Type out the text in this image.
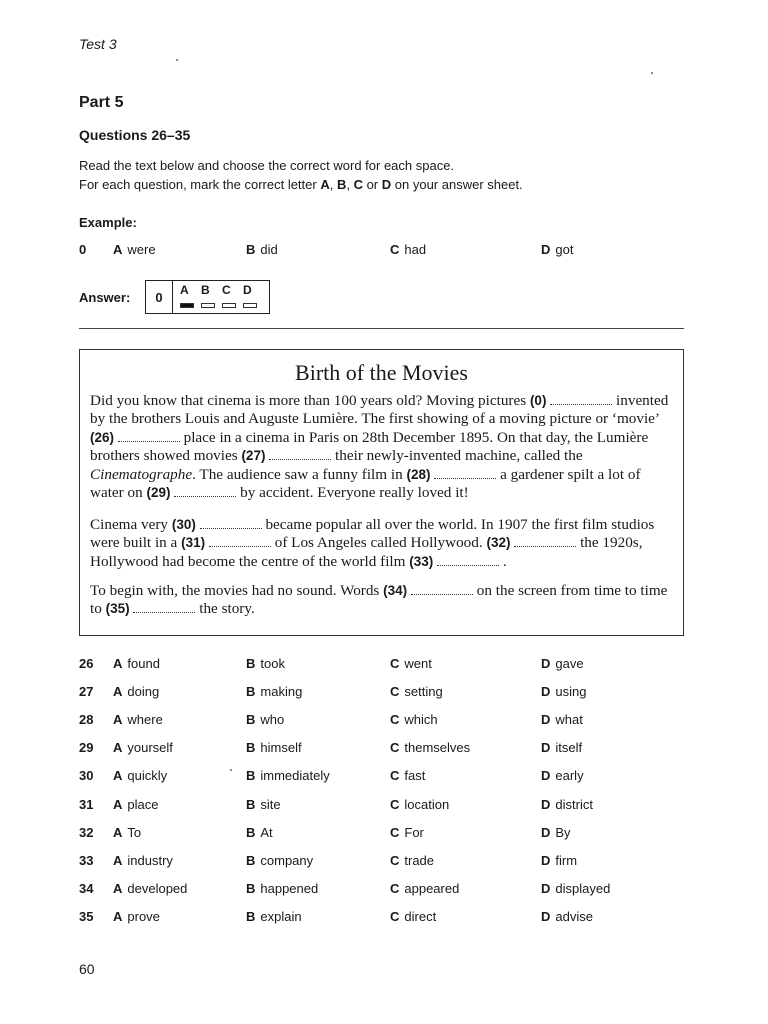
Test 3
Part 5
Questions 26–35
Read the text below and choose the correct word for each space.
For each question, mark the correct letter A, B, C or D on your answer sheet.
Example:
0 A were	B did	C had	D got
Answer:	0	A B C D
Birth of the Movies
Did you know that cinema is more than 100 years old? Moving pictures (0)	invented by the brothers Louis and Auguste Lumière. The first showing of a moving picture or ‘movie’ (26)	place in a cinema in Paris on 28th December 1895. On that day, the Lumière brothers showed movies (27)	their newly-invented machine, called the Cinematographe. The audience saw a funny film in (28)	a gardener spilt a lot of water on (29)	by accident. Everyone really loved it!
Cinema very (30)	became popular all over the world. In 1907 the first film studios were built in a (31)	of Los Angeles called Hollywood. (32)	the 1920s, Hollywood had become the centre of the world film (33)	.
To begin with, the movies had no sound. Words (34)	on the screen from time to time to (35)	the story.
26 A found	B took	C went	D gave
27 A doing	B making	C setting	D using
28 A where	B who	C which	D what
29 A yourself	B himself	C themselves	D itself
30 A quickly	B immediately	C fast	D early
31 A place	B site	C location	D district
32 A To	B At	C For	D By
33 A industry	B company	C trade	D firm
34 A developed	B happened	C appeared	D displayed
35 A prove	B explain	C direct	D advise
60
